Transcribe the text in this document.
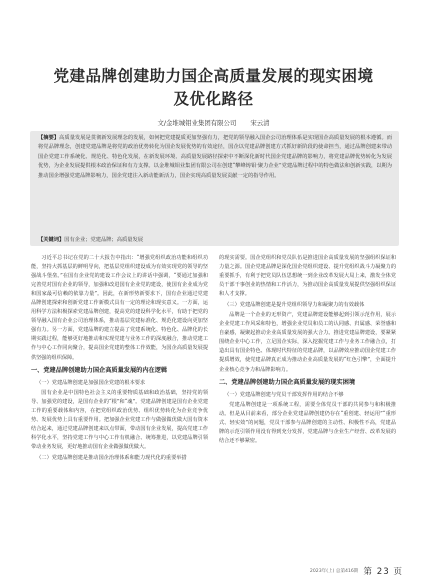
党建品牌创建助力国企高质量发展的现实困境
及优化路径
文/金堆城钼业集团有限公司 宋云清
【摘要】高质量发展是贯彻新发展理念的发展，如何把党建提质更加坚强有力，把党的领导融入国企公司治理体系是实现国企高质量发展的根本遵循。而将党品牌理念，创建党建品牌是将党的政治优势转化为国企发展优势的有效途径，国企以党建品牌创建方式抓好新阶段的使命担当，通过品牌创建来带动国企党建工作系统化、规范化、特色化发展，在新发展环境、高质量发展路径探索中不断深化新时代国企党建品牌的影响力，将党建品牌优势转化为发展优势，为企业发展提供根本政治保证和有力支撑。以金堆城钼业集团有限公司在创建“攀峰铸钼·聚力企业”党建品牌过程中的特色做法和创新实践，以期为推动国企增强党建品牌影响力，国企党建注入新动能新活力，国企实现高质量发展贡献一定的指导作用。
【关键词】国有企业；党建品牌；高质量发展

习近平总书记在党的二十大报告中指出：“增强党组织政治功能和组织功能，坚持大抓基层的鲜明导向，把基层党组织建设成为有效实现党的领导的坚强战斗堡垒。”在国有企业党的建设工作会议上的讲话中强调，“要通过加强和完善党对国有企业的领导，加强和改进国有企业党的建设，使国有企业成为党和国家最可信赖的依靠力量”。因此，在新形势新要求下，国有企业通过党建品牌创建探索和创新党建工作新模式具有一定的理论和现实意义。一方面，运用科学方法积极探索党建品牌创建，提高党的建设科学化水平，有助于把党的领导融入国有企业公司治理体系，推动基层党建标准化、规范化建设向更加坚强有力。另一方面，党建品牌的建立提高了党建系统化、特色化、品牌化的长期实践过程，能够更好地推动和实现党建与业务工作的深度融合，推动党建工作与中心工作同向聚合，提高国企党建的整体工作效能，为国企高质量发展提供坚强的组织保障。

一、党建品牌创建助力国企高质量发展的内在逻辑
（一）党建品牌创建是加强国企党建的根本要求

国有企业是中国特色社会主义的重要物质基础和政治基础，坚持党的领导、加强党的建设，是国有企业的“根”和“魂”。党建品牌创建是国有企业党建工作的重要载体和内容，在把党组织政治优势、组织优势转化为企业竞争优势、发展优势上具有重要作用。把加强企业党建工作与做强做优做大国有资本结合起来，通过党建品牌创建来以点带面，带动国有企业发展，提高党建工作科学化水平，坚持党建工作与中心工作有机融合、统筹推进，以党建品牌引领带动业务发展，更好地推动国有企业做强做优做大。

（二）党建品牌创建是推动国企治理体系和能力现代化的重要举措

的现实需要。国企党组织和党员队伍是推进国企高质量发展的坚强组织保证和力量之源。国企党建品牌是深化国企党组织建设、提升党组织战斗力凝聚力的重要抓手，有利于把党员队伍思想统一到企业改革发展大局上来，激发全体党员干部干事创业的热情和工作活力，为推动国企高质量发展提供坚强组织保证和人才支撑。

（三）党建品牌创建是提升党组织领导力和凝聚力的有效载体

品牌是一个企业的无形资产，党建品牌建设能够起到引领示范作用，展示企业党建工作风采和特色，增强企业党员和员工的认同感、归属感、荣誉感和自豪感，凝聚起推动企业高质量发展的强大合力。推进党建品牌建设，要紧紧围绕企业中心工作，立足国企实际，深入挖掘党建工作与业务工作融合点，打造出具有国企特色、体现时代特征的党建品牌，以品牌效应推动国企党建工作提质增效，使党建品牌真正成为推动企业高质量发展的“红色引擎”，全面提升企业核心竞争力和品牌影响力。

二、党建品牌创建助力国企高质量发展的现实困境
（一）党建品牌创建与党员干部发挥作用的结合不够

党建品牌创建是一项系统工程，需要全体党员干部的共同参与和积极推动。但是从目前来看，部分企业党建品牌创建仍存在“重创建、轻运用”“重形式、轻实效”的问题，党员干部参与品牌创建的主动性、积极性不高，党建品牌的示范引领作用没有得到充分发挥，党建品牌与企业生产经营、改革发展的结合还不够紧密。

2023年(上) 总第416期 第 23 页
